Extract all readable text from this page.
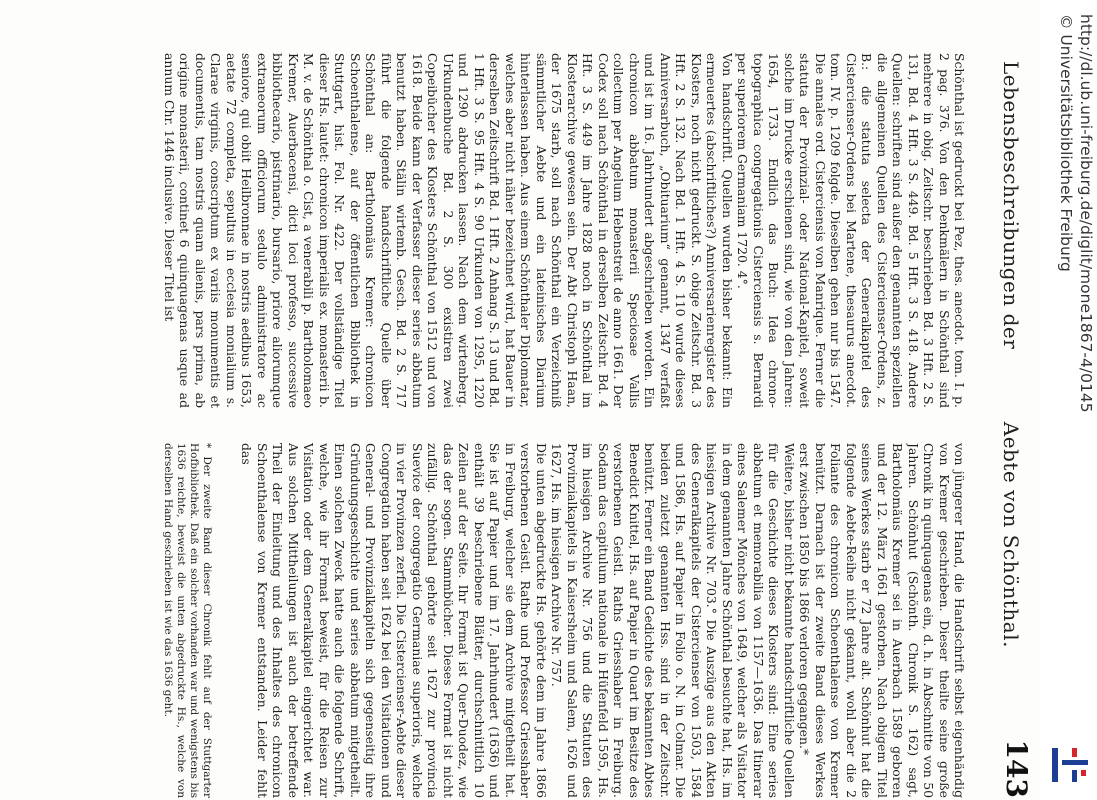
Lebensbeschreibungen der
Aebte von Schönthal.
143

Schönthal ist gedruckt bei Pez, thes. anecdot. tom. I. p. 2 pag. 376. Von den Denkmälern in Schönthal sind mehrere in obig. Zeitschr. beschrieben Bd. 3 Hft. 2 S. 131, Bd. 4 Hft. 3 S. 449. Bd. 5 Hft. 3 S. 418. Andere Quellen: schriften sind außer den genannten speziellen die allgemeinen Quellen des Cistercienser-Ordens, z. B.: die statuta selecta der Generalkapitel des Cistercienser-Ordens bei Martene, thesaurus anecdot. tom. IV. p. 1209 folgde. Dieselben gehen nur bis 1547. Die annales ord. Cisterciensis von Manrique. Ferner die statuta der Provinzial- oder National-Kapitel, soweit solche im Drucke erschienen sind, wie von den Jahren: 1654, 1733. Endlich das Buch: Idea chrono-topographica congregationis Cisterciensis s. Bernardi per superiorem Germaniam 1720. 4°.
Von handschriftl. Quellen wurden bisher bekannt: Ein ermeuertes (abschriftliches?) Anniversarienregister des Klosters, noch nicht gedruckt. S. obige Zeitschr. Bd. 3 Hft. 2 S. 132. Nach Bd. 1 Hft. 4 S. 110 wurde dieses Anniversarbuch, „Obituarium“ genannt, 1347 verfaßt und ist im 16. Jahrhundert abgeschrieben worden. Ein chronicon abbatum monasterii Speciosae Vallis collectum per Angelum Hebenstreit de anno 1661. Der Codex soll nach Schönthal in derselben Zeitschr. Bd. 4 Hft. 3 S. 449 im Jahre 1828 noch in Schönthal im Klosterarchive gewesen sein. Der Abt Christoph Haan, der 1675 starb, soll nach Schönthal ein Verzeichniß sämmtlicher Aebte und ein lateinisches Diarium hinterlassen haben. Aus einem Schönthaler Diplomatar, welches aber nicht näher bezeichnet wird, hat Bauer in derselben Zeitschrift Bd. 1 Hft. 2 Anhang S. 13 und Bd. 1 Hft. 3 S. 95 Hft. 4 S. 90 Urkunden von 1295, 1220 und 1290 abdrucken lassen. Nach dem wirtenberg. Urkundenbuche Bd. 2 S. 300 existiren zwei Copeibücher des Klosters Schönthal von 1512 und von 1618. Beide kann der Verfasser dieser series abbatum benutzt haben. Stälin wirtemb. Gesch. Bd. 2 S. 717 führt die folgende handschriftliche Quelle über Schönthal an: Bartholomäus Kremer: chronicon Schoenthalense, auf der öffentlichen Bibliothek in Stuttgart, hist. Fol. Nr. 422. Der vollständige Titel dieser Hs. lautet: chronicon imperialis ex. monasterii b. M. v. de Schönthal o. Cist, a venerabili p. Bartholomaeo Kremer, Auerbacensi, dicti loci professo, successive bibliothecario, pistrinario, bursario, priore aliorumque extraneorum officiorum sedulo administratore ac seniore, qui obiit Heilbronnae in nostris aedibus 1653, aetate 72 completa, sepultus in ecclesia monialium s. Clarae virginis, conscriptum ex variis monumentis et documentis, tam nostris quam alienis, pars prima, ab origine monasterii, continet 6 quinquagenas usque ad annum Chr. 1446 inclusive. Dieser Titel ist

von jüngerer Hand, die Handschrift selbst eigenhändig von Kremer geschrieben. Dieser theilte seine große Chronik in quinquagenas ein, d. h. in Abschnitte von 50 Jahren. Schönhut (Schönth. Chronik S. 162) sagt, Bartholomäus Kremer sei in Auerbach 1589 geboren und der 12. März 1661 gestorben. Nach obigem Titel seines Werkes starb er 72 Jahre alt. Schönhut hat die folgende Aebte-Reihe nicht gekannt, wohl aber die 2 Foliante des chronicon Schoenthalense von Kremer benützt. Darnach ist der zweite Band dieses Werkes erst zwischen 1850 bis 1866 verloren gegangen.*
Weitere, bisher nicht bekannte handschriftliche Quellen für die Geschichte dieses Klosters sind: Eine series abbatum et memorabilia von 1157—1636. Das Itinerar eines Salemer Mönches von 1649, welcher als Visitator in dem genannten Jahre Schönthal besuchte hat, Hs. im hiesigen Archive Nr. 703.° Die Auszüge aus den Akten des Generalkapitels der Cistercienser von 1503, 1584 und 1586, Hs. auf Papier in Folio o. N. in Colmar. Die beiden zuletzt genannten Hss. sind in der Zeitschr. benützt. Ferner ein Band Gedichte des bekannten Abtes Benedict Knittel, Hs. auf Papier in Quart im Besitze des verstorbenen Geistl. Raths Griesshaber in Freiburg. Sodann das capitulum nationale in Hüfenfeld 1595, Hs. im hiesigen Archive Nr. 756 und die Statuten des Provinzialkapitels in Kaisersheim und Salem, 1626 und 1627, Hs. im hiesigen Archive Nr. 757.
Die unten abgedruckte Hs. gehörte dem im Jahre 1866 verstorbenen Geistl. Rathe und Professor Griesshaber in Freiburg, welcher sie dem Archive mitgetheilt hat. Sie ist auf Papier und im 17. Jahrhundert (1636) und enthält 39 beschriebene Blätter, durchschnittlich 10 Zeilen auf der Seite. Ihr Format ist Quer-Duodez, wie das der sogen. Stammbücher. Dieses Format ist nicht zufällig. Schönthal gehörte seit 1627 zur provincia Suevice der congregatio Germaniae superioris, welche in vier Provinzen zerfiel. Die Cistercienser-Aebte dieser Congregation haben seit 1624 bei den Visitationen und General- und Provinzialkapiteln sich gegenseitig ihre Gründungsgeschichte und series abbatum mitgetheilt. Einen solchen Zweck hatte auch die folgende Schrift, welche, wie ihr Format beweist, für die Reisen zur Visitation oder dem Generalkapitel eingerichtet war. Aus solchen Mittheilungen ist auch der betreffende Theil der Einleitung und des Inhaltes des chronicon Schoenthalense von Kremer entstanden. Leider fehlt das

* Der zweite Band dieser Chronik fehlt auf der Stuttgarter Hofbibliothek. Daß ein solcher vorhanden war und wenigstens bis 1636 reichte, beweist die unten abgedruckte Hs., welche von derselben Hand geschrieben ist wie das 1636 geht.

http://dl.ub.uni-freiburg.de/diglit/mone1867-4/0145
© Universitätsbibliothek Freiburg
